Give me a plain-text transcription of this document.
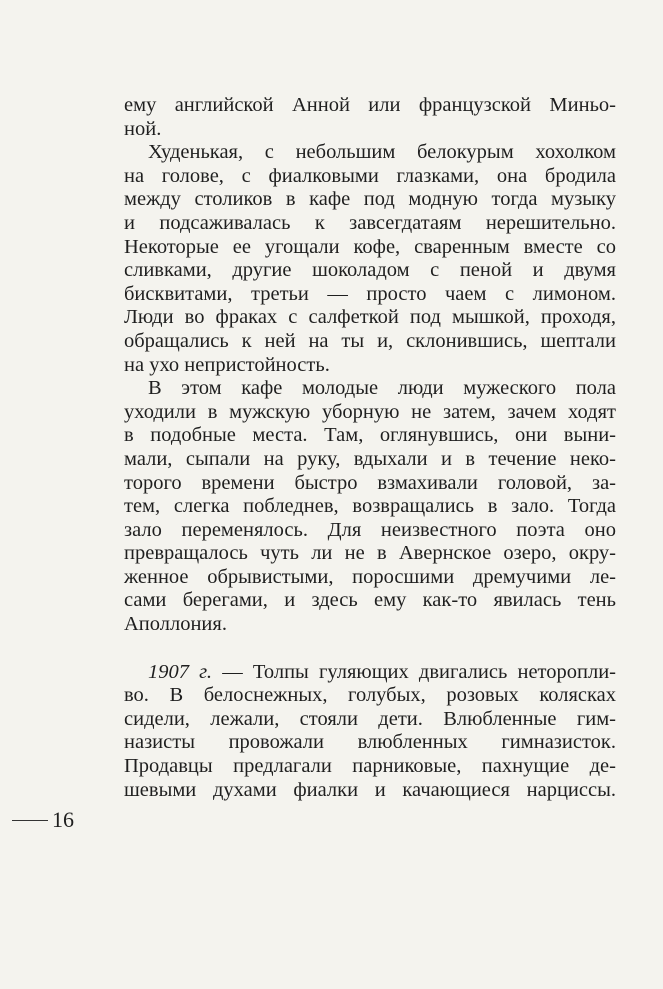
ему английской Анной или французской Миньо-
ной.
Худенькая, с небольшим белокурым хохолком
на голове, с фиалковыми глазками, она бродила
между столиков в кафе под модную тогда музыку
и подсаживалась к завсегдатаям нерешительно.
Некоторые ее угощали кофе, сваренным вместе со
сливками, другие шоколадом с пеной и двумя
бисквитами, третьи — просто чаем с лимоном.
Люди во фраках с салфеткой под мышкой, проходя,
обращались к ней на ты и, склонившись, шептали
на ухо непристойность.
В этом кафе молодые люди мужеского пола
уходили в мужскую уборную не затем, зачем ходят
в подобные места. Там, оглянувшись, они выни-
мали, сыпали на руку, вдыхали и в течение неко-
торого времени быстро взмахивали головой, за-
тем, слегка побледнев, возвращались в зало. Тогда
зало переменялось. Для неизвестного поэта оно
превращалось чуть ли не в Авернское озеро, окру-
женное обрывистыми, поросшими дремучими ле-
сами берегами, и здесь ему как-то явилась тень
Аполлония.
1907 г. — Толпы гуляющих двигались неторопли-
во. В белоснежных, голубых, розовых колясках
сидели, лежали, стояли дети. Влюбленные гим-
назисты провожали влюбленных гимназисток.
Продавцы предлагали парниковые, пахнущие де-
шевыми духами фиалки и качающиеся нарциссы.
16
